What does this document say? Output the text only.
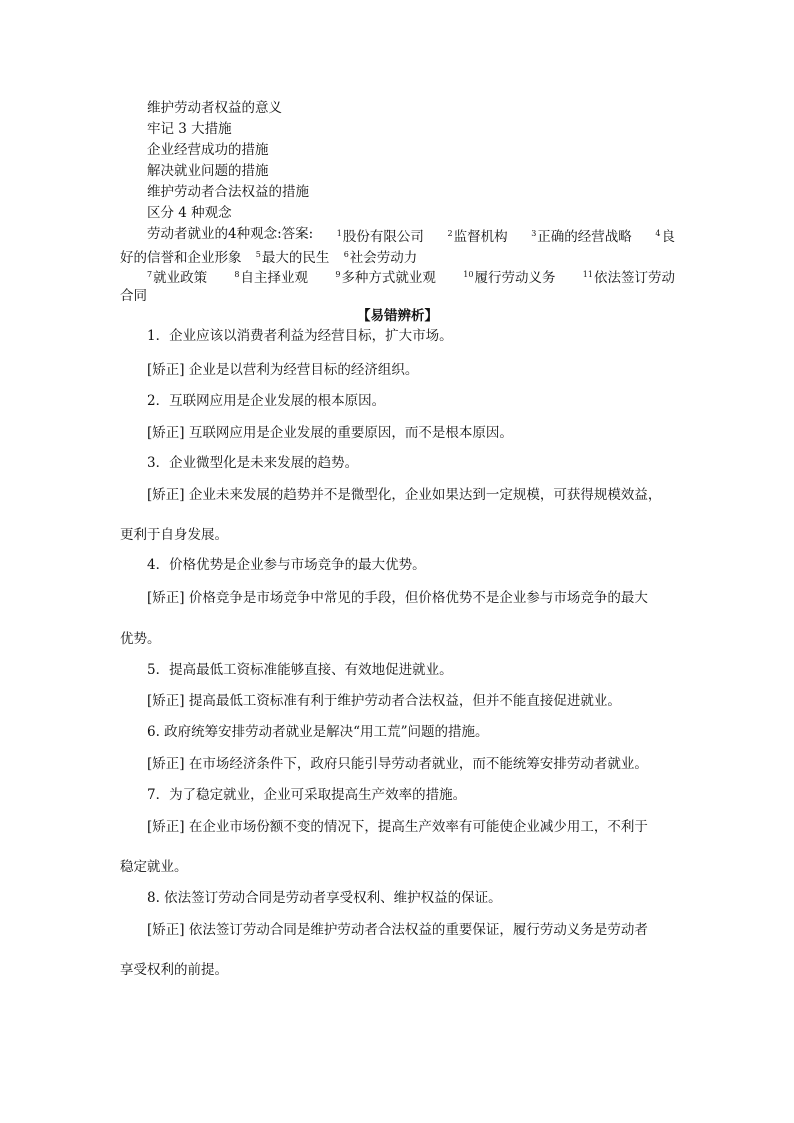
维护劳动者权益的意义
牢记 3 大措施
企业经营成功的措施
解决就业问题的措施
维护劳动者合法权益的措施
区分 4 种观念
劳动者就业的4种观念:答案:	$^1$股份有限公司	$^2$监督机构	$^3$正确的经营战略	$^4$良
好的信誉和企业形象 $^5$最大的民生 $^6$社会劳动力
$^7$就业政策	$^8$自主择业观	$^9$多种方式就业观	$^{10}$履行劳动义务	$^{11}$依法签订劳动
合同
【易错辨析】
1．企业应该以消费者利益为经营目标，扩大市场。
[矫正] 企业是以营利为经营目标的经济组织。
2．互联网应用是企业发展的根本原因。
[矫正] 互联网应用是企业发展的重要原因，而不是根本原因。
3．企业微型化是未来发展的趋势。
[矫正] 企业未来发展的趋势并不是微型化，企业如果达到一定规模，可获得规模效益，
更利于自身发展。
4．价格优势是企业参与市场竞争的最大优势。
[矫正] 价格竞争是市场竞争中常见的手段，但价格优势不是企业参与市场竞争的最大
优势。
5．提高最低工资标准能够直接、有效地促进就业。
[矫正] 提高最低工资标准有利于维护劳动者合法权益，但并不能直接促进就业。
6. 政府统筹安排劳动者就业是解决“用工荒”问题的措施。
[矫正] 在市场经济条件下，政府只能引导劳动者就业，而不能统筹安排劳动者就业。
7．为了稳定就业，企业可采取提高生产效率的措施。
[矫正] 在企业市场份额不变的情况下，提高生产效率有可能使企业减少用工，不利于
稳定就业。
8. 依法签订劳动合同是劳动者享受权利、维护权益的保证。
[矫正] 依法签订劳动合同是维护劳动者合法权益的重要保证，履行劳动义务是劳动者
享受权利的前提。
